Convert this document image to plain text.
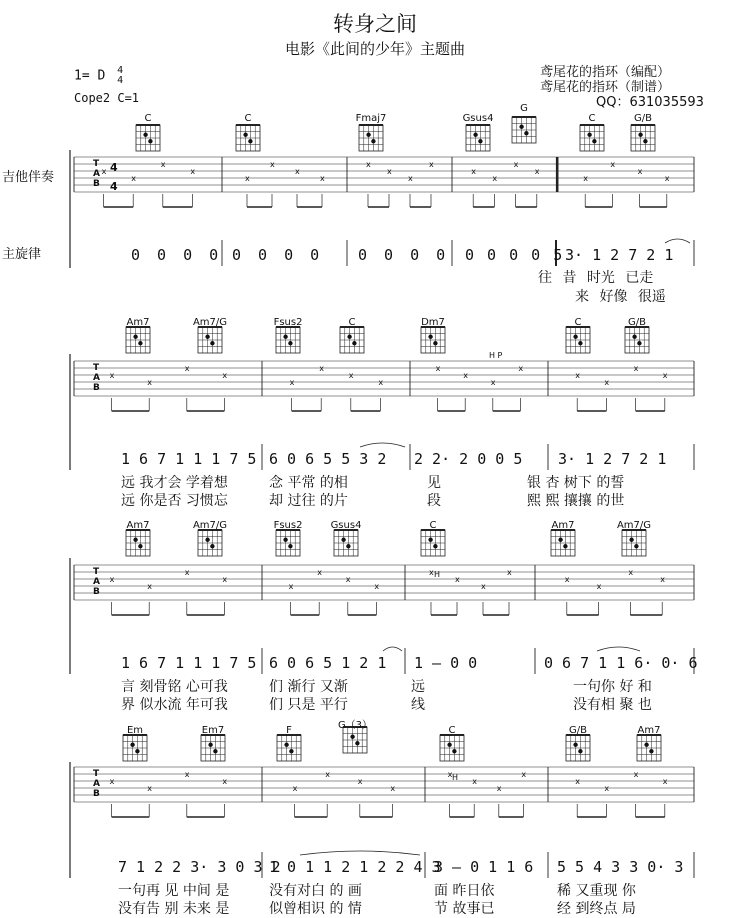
转身之间
电影《此间的少年》主题曲
1= D 4
4
Cope2 C=1
鸢尾花的指环（编配）
鸢尾花的指环（制谱）
QQ：631035593
吉他伴奏
主旋律
x
x
x
x
x
x
x
x
x
x
x
x
x
x
x
x
x
x
x
x
x
x
x
x
x
x
x
x
x
x
x
x
x
x
x
x
x
x
x
x
x
x
x
x
x
x
x
x
x
x
x
x
x
x
x
x
x
x
x
x
x
x
x
x
x
x
x
x
T
A
B
T
A
B
T
A
B
T
A
B
4
4
C	C	Fmaj7	Gsus4
G
C	G/B
Am7	Am7/G	Fsus2	C	Dm7	C	G/B
Am7	Am7/G	Fsus2	Gsus4	C	Am7	Am7/G
Em	Em7	F	G（3）	C	G/B	Am7
H P
H
H
0 0 0 0 0 0 0 0 0 0 0 0 0 0 0 0 5 3· 1 2 7 2 1
往 昔 时光 已走
来 好像 很遥
1 6 7 1 1 1 7 5 6 0 6 5 5 3 2 2 2· 2 0 0 5 3· 1 2 7 2 1
远 我才会 学着想	念 平常 的相	见	银 杏 树下 的誓
远 你是否 习惯忘	却 过往 的片	段	熙 熙 攘攘 的世
1 6 7 1 1 1 7 5 6 0 6 5 1 2 1 1 — 0 0	0 6 7 1 1 6· 0· 6
言 刻骨铭 心可我	们 渐行 又渐	远	一句你 好 和
界 似水流 年可我	们 只是 平行	线	没有相 聚 也
7 1 2 2 3· 3 0 3 2
1 0 1 1 2 1 2 2 4 3
3 — 0 1 1 6 5 5 4 3 3 0· 3
一句再 见 中间 是	没有对白 的 画	面 昨日依	稀 又重现 你
没有告 别 未来 是	似曾相识 的 情	节 故事已	经 到终点 局
